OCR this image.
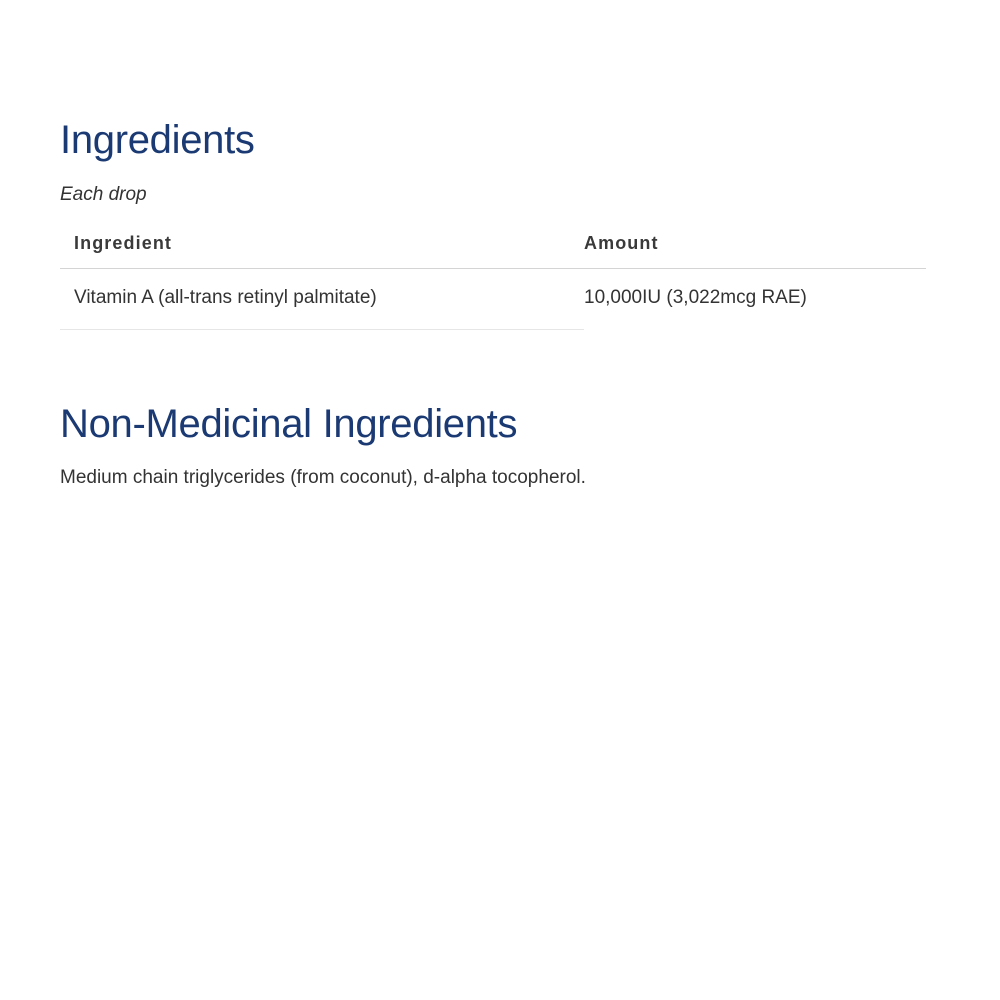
Ingredients

Each drop

Ingredient	Amount
Vitamin A (all-trans retinyl palmitate)	10,000IU (3,022mcg RAE)
Non-Medicinal Ingredients

Medium chain triglycerides (from coconut), d-alpha tocopherol.
